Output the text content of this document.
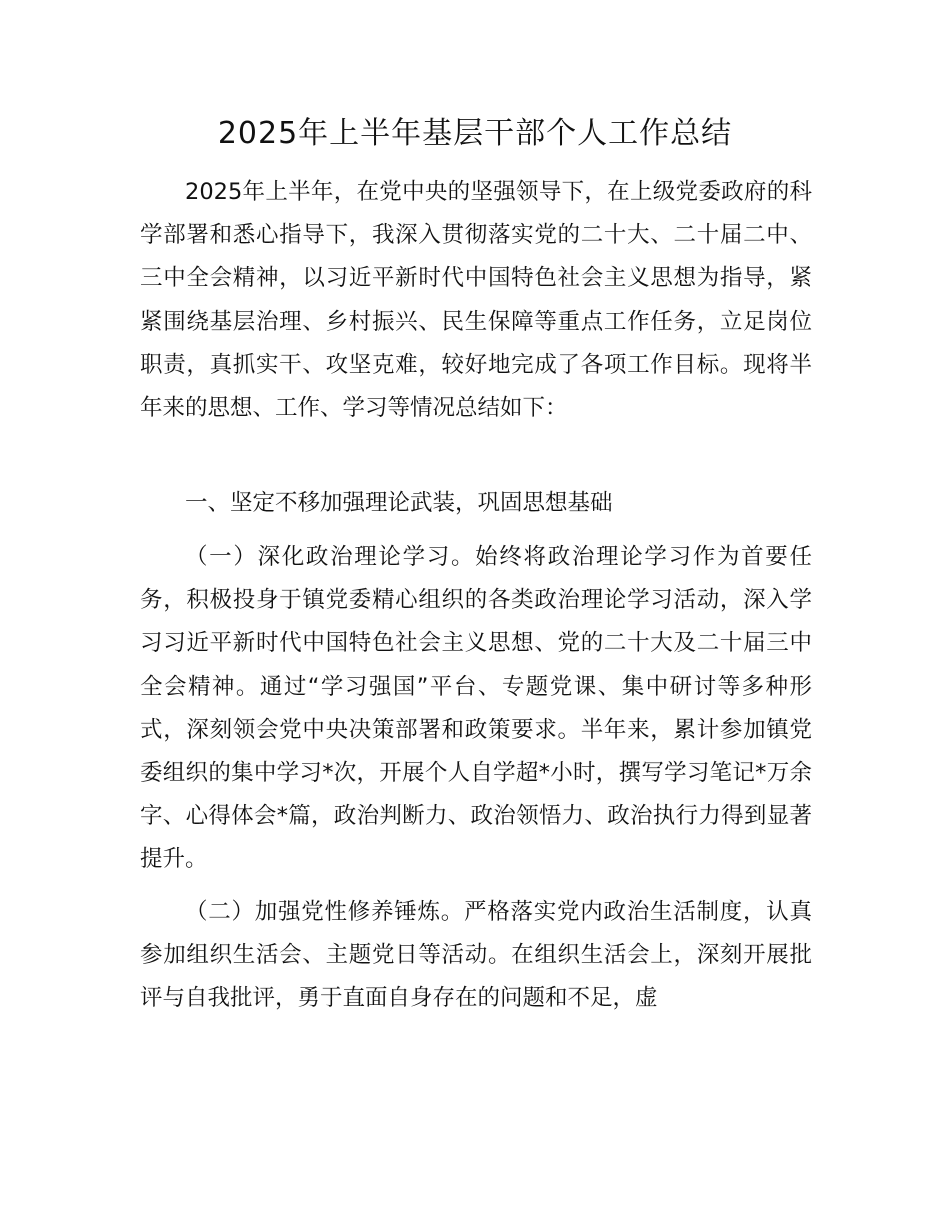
2025年上半年基层干部个人工作总结

2025年上半年，在党中央的坚强领导下，在上级党委政府的科学部署和悉心指导下，我深入贯彻落实党的二十大、二十届二中、三中全会精神，以习近平新时代中国特色社会主义思想为指导，紧紧围绕基层治理、乡村振兴、民生保障等重点工作任务，立足岗位职责，真抓实干、攻坚克难，较好地完成了各项工作目标。现将半年来的思想、工作、学习等情况总结如下：

一、坚定不移加强理论武装，巩固思想基础

（一）深化政治理论学习。始终将政治理论学习作为首要任务，积极投身于镇党委精心组织的各类政治理论学习活动，深入学习习近平新时代中国特色社会主义思想、党的二十大及二十届三中全会精神。通过“学习强国”平台、专题党课、集中研讨等多种形式，深刻领会党中央决策部署和政策要求。半年来，累计参加镇党委组织的集中学习*次，开展个人自学超*小时，撰写学习笔记*万余字、心得体会*篇，政治判断力、政治领悟力、政治执行力得到显著提升。

（二）加强党性修养锤炼。严格落实党内政治生活制度，认真参加组织生活会、主题党日等活动。在组织生活会上，深刻开展批评与自我批评，勇于直面自身存在的问题和不足，虚
